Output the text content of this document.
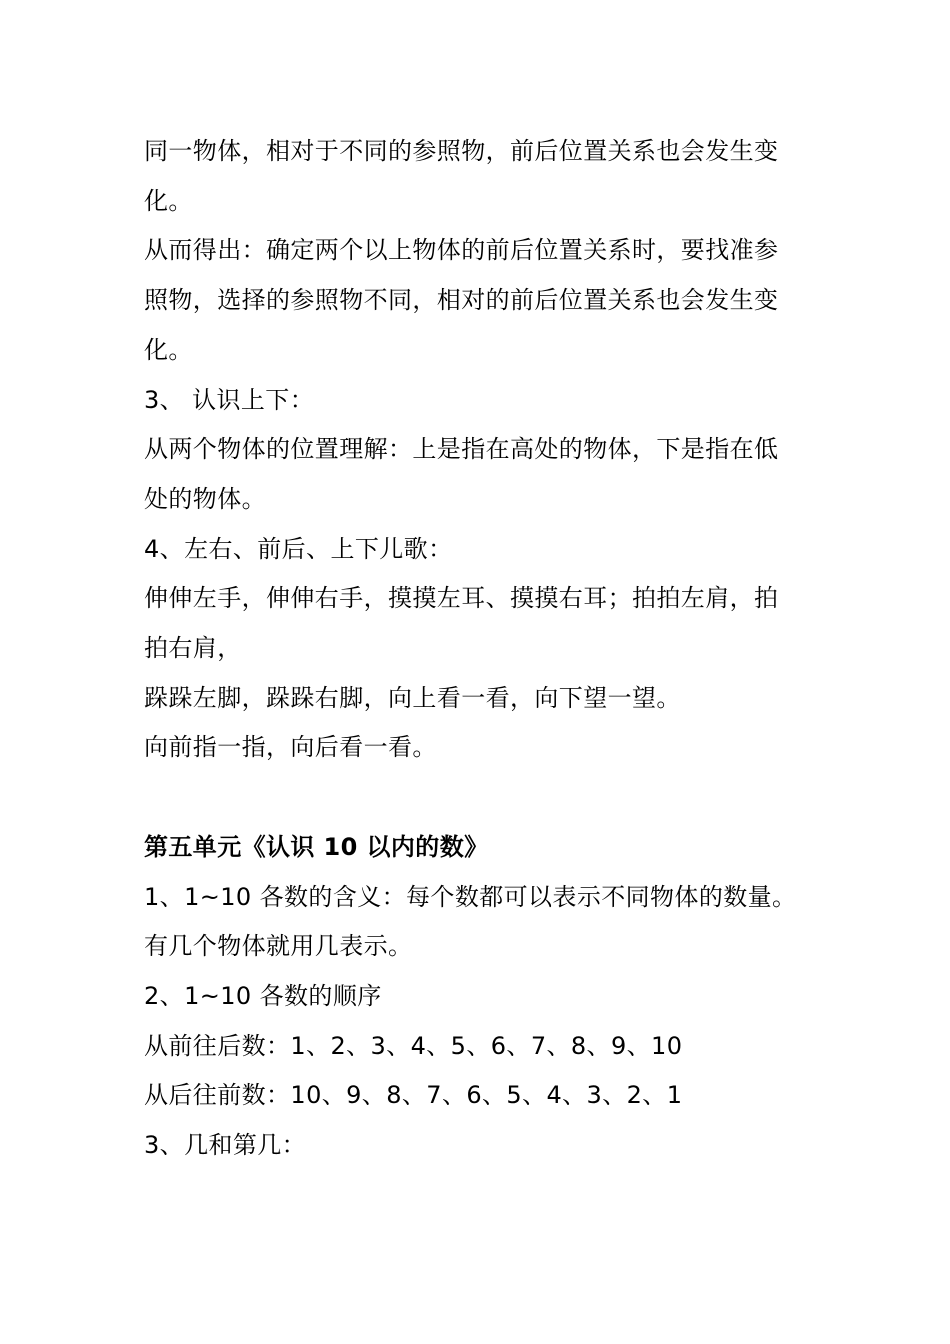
同一物体，相对于不同的参照物，前后位置关系也会发生变

化。

从而得出：确定两个以上物体的前后位置关系时，要找准参

照物，选择的参照物不同，相对的前后位置关系也会发生变

化。

3、 认识上下：

从两个物体的位置理解：上是指在高处的物体，下是指在低

处的物体。

4、左右、前后、上下儿歌：

伸伸左手，伸伸右手，摸摸左耳、摸摸右耳；拍拍左肩，拍

拍右肩，

跺跺左脚，跺跺右脚，向上看一看，向下望一望。

向前指一指，向后看一看。

第五单元《认识 10 以内的数》

1、1~10 各数的含义：每个数都可以表示不同物体的数量。

有几个物体就用几表示。

2、1~10 各数的顺序

从前往后数：1、2、3、4、5、6、7、8、9、10

从后往前数：10、9、8、7、6、5、4、3、2、1

3、几和第几：
